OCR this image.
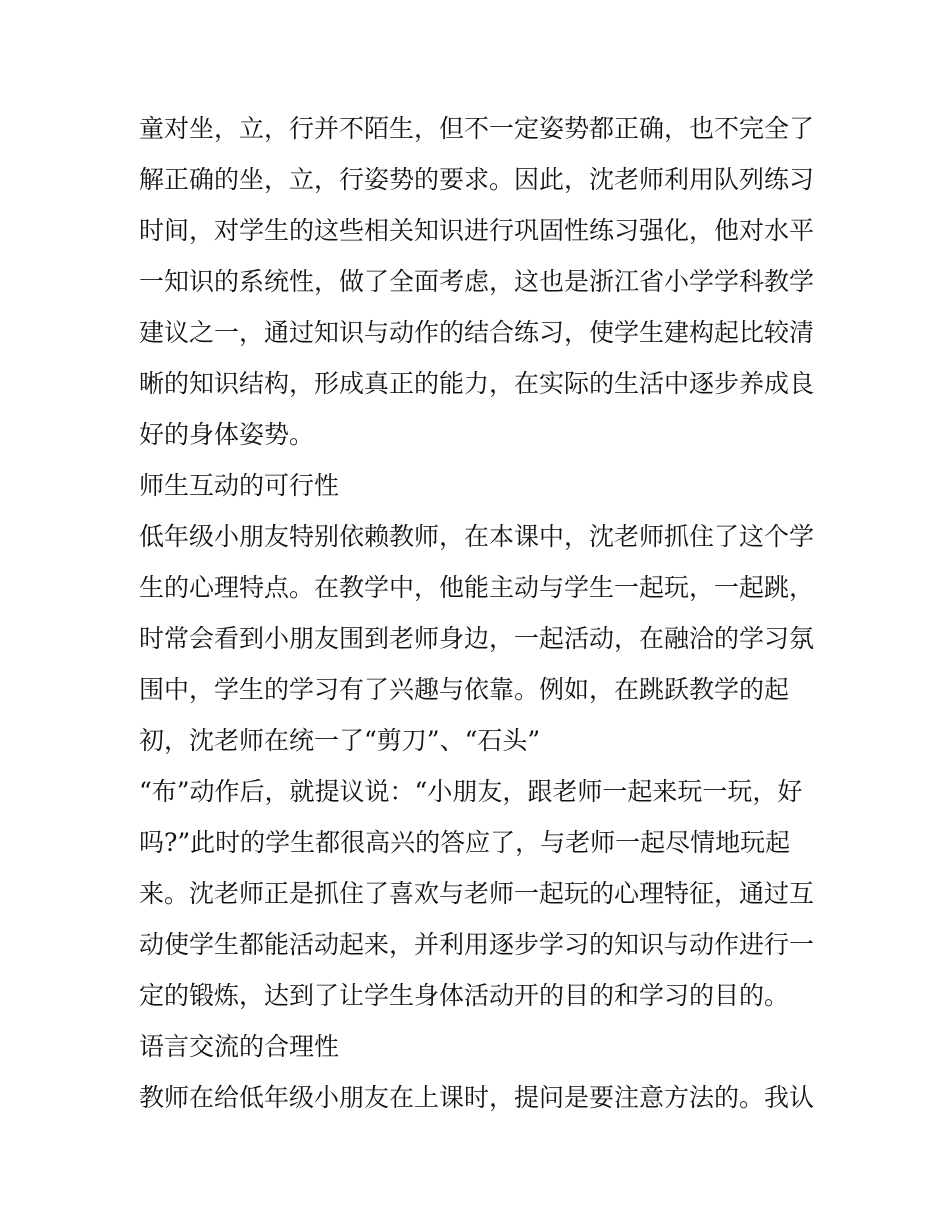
童对坐，立，行并不陌生，但不一定姿势都正确，也不完全了
解正确的坐，立，行姿势的要求。因此，沈老师利用队列练习
时间，对学生的这些相关知识进行巩固性练习强化，他对水平
一知识的系统性，做了全面考虑，这也是浙江省小学学科教学
建议之一，通过知识与动作的结合练习，使学生建构起比较清
晰的知识结构，形成真正的能力，在实际的生活中逐步养成良
好的身体姿势。
师生互动的可行性
低年级小朋友特别依赖教师，在本课中，沈老师抓住了这个学
生的心理特点。在教学中，他能主动与学生一起玩，一起跳，
时常会看到小朋友围到老师身边，一起活动，在融洽的学习氛
围中，学生的学习有了兴趣与依靠。例如，在跳跃教学的起
初，沈老师在统一了“剪刀”、“石头”
“布”动作后，就提议说：“小朋友，跟老师一起来玩一玩，好
吗?”此时的学生都很高兴的答应了，与老师一起尽情地玩起
来。沈老师正是抓住了喜欢与老师一起玩的心理特征，通过互
动使学生都能活动起来，并利用逐步学习的知识与动作进行一
定的锻炼，达到了让学生身体活动开的目的和学习的目的。
语言交流的合理性
教师在给低年级小朋友在上课时，提问是要注意方法的。我认
